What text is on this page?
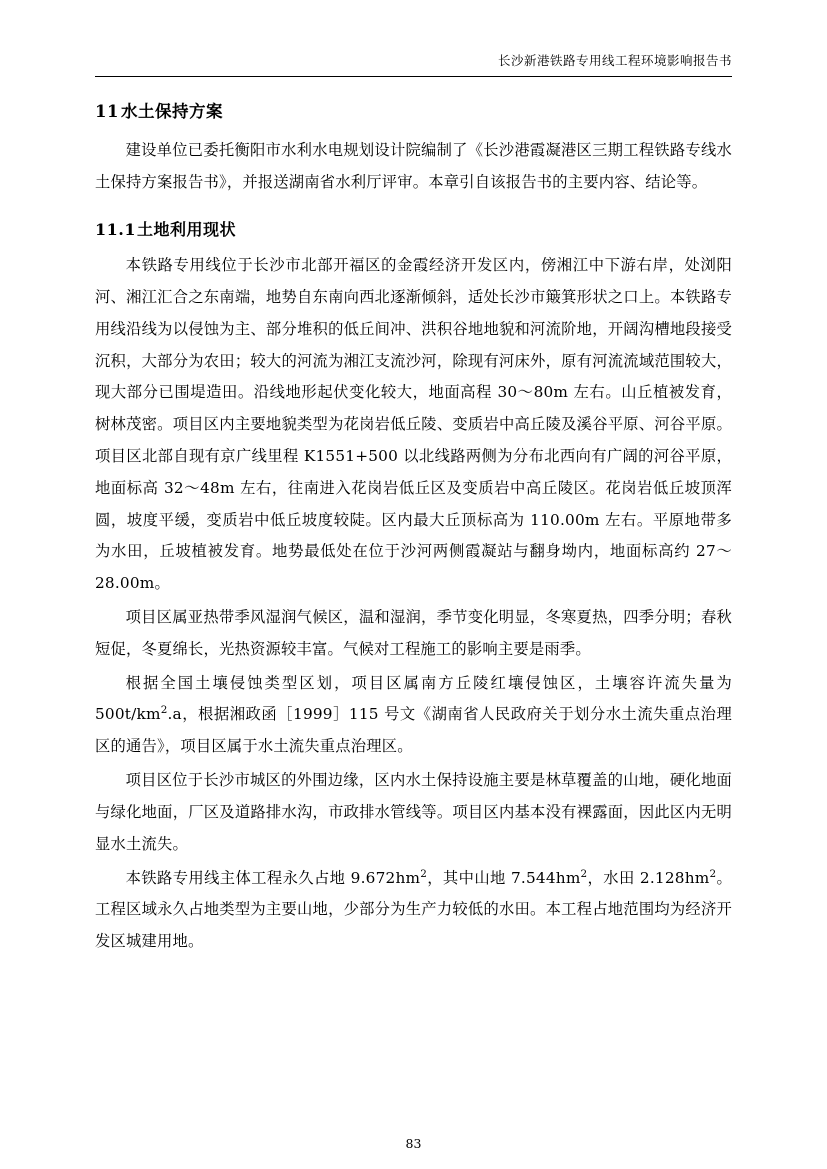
长沙新港铁路专用线工程环境影响报告书
11 水土保持方案

建设单位已委托衡阳市水利水电规划设计院编制了《长沙港霞凝港区三期工程铁路专线水土保持方案报告书》，并报送湖南省水利厅评审。本章引自该报告书的主要内容、结论等。

11.1土地利用现状

本铁路专用线位于长沙市北部开福区的金霞经济开发区内，傍湘江中下游右岸，处浏阳河、湘江汇合之东南端，地势自东南向西北逐渐倾斜，适处长沙市簸箕形状之口上。本铁路专用线沿线为以侵蚀为主、部分堆积的低丘间冲、洪积谷地地貌和河流阶地，开阔沟槽地段接受沉积，大部分为农田；较大的河流为湘江支流沙河，除现有河床外，原有河流流域范围较大，现大部分已围堤造田。沿线地形起伏变化较大，地面高程 30～80m 左右。山丘植被发育，树林茂密。项目区内主要地貌类型为花岗岩低丘陵、变质岩中高丘陵及溪谷平原、河谷平原。项目区北部自现有京广线里程 K1551+500 以北线路两侧为分布北西向有广阔的河谷平原，地面标高 32～48m 左右，往南进入花岗岩低丘区及变质岩中高丘陵区。花岗岩低丘坡顶浑圆，坡度平缓，变质岩中低丘坡度较陡。区内最大丘顶标高为 110.00m 左右。平原地带多为水田，丘坡植被发育。地势最低处在位于沙河两侧霞凝站与翻身坳内，地面标高约 27～28.00m。

项目区属亚热带季风湿润气候区，温和湿润，季节变化明显，冬寒夏热，四季分明；春秋短促，冬夏绵长，光热资源较丰富。气候对工程施工的影响主要是雨季。

根据全国土壤侵蚀类型区划，项目区属南方丘陵红壤侵蚀区，土壤容许流失量为 $500t/km^2.a$，根据湘政函［1999］115 号文《湖南省人民政府关于划分水土流失重点治理区的通告》，项目区属于水土流失重点治理区。

项目区位于长沙市城区的外围边缘，区内水土保持设施主要是林草覆盖的山地，硬化地面与绿化地面，厂区及道路排水沟，市政排水管线等。项目区内基本没有裸露面，因此区内无明显水土流失。

本铁路专用线主体工程永久占地 $9.672hm^2$，其中山地 $7.544hm^2$，水田 $2.128hm^2$。工程区域永久占地类型为主要山地，少部分为生产力较低的水田。本工程占地范围均为经济开发区城建用地。

83
